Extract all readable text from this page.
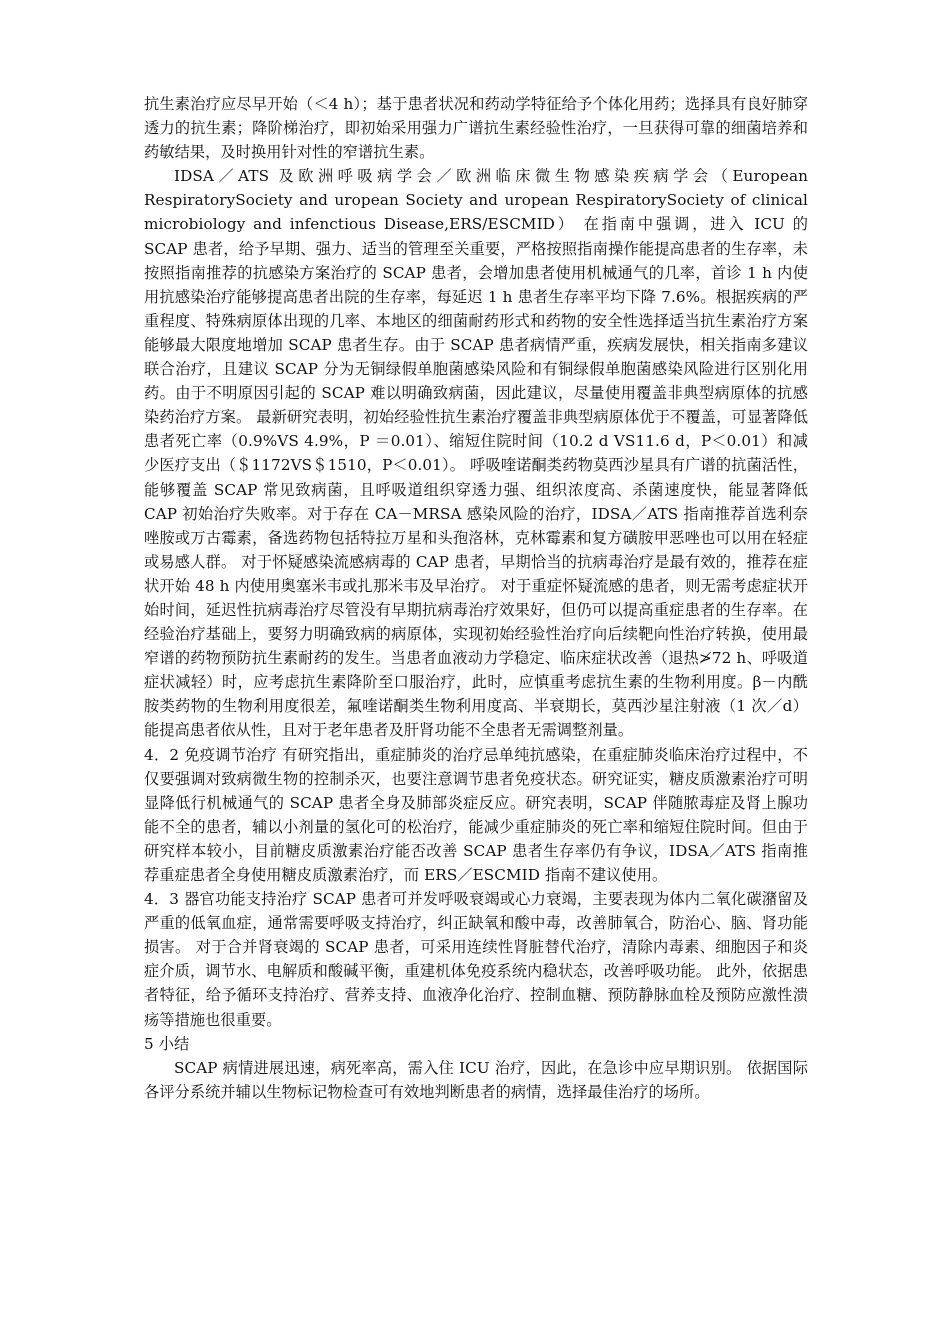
抗生素治疗应尽早开始（＜4 h）；基于患者状况和药动学特征给予个体化用药；选择具有良好肺穿透力的抗生素；降阶梯治疗，即初始采用强力广谱抗生素经验性治疗，一旦获得可靠的细菌培养和药敏结果，及时换用针对性的窄谱抗生素。

IDSA／ATS 及欧洲呼吸病学会／欧洲临床微生物感染疾病学会（European RespiratorySociety and uropean Society and uropean RespiratorySociety of clinical microbiology and infenctious Disease,ERS/ESCMID） 在指南中强调，进入 ICU 的 SCAP 患者，给予早期、强力、适当的管理至关重要，严格按照指南操作能提高患者的生存率，未按照指南推荐的抗感染方案治疗的 SCAP 患者，会增加患者使用机械通气的几率，首诊 1 h 内使用抗感染治疗能够提高患者出院的生存率，每延迟 1 h 患者生存率平均下降 7.6%。根据疾病的严重程度、特殊病原体出现的几率、本地区的细菌耐药形式和药物的安全性选择适当抗生素治疗方案能够最大限度地增加 SCAP 患者生存。由于 SCAP 患者病情严重，疾病发展快，相关指南多建议联合治疗，且建议 SCAP 分为无铜绿假单胞菌感染风险和有铜绿假单胞菌感染风险进行区别化用药。由于不明原因引起的 SCAP 难以明确致病菌，因此建议，尽量使用覆盖非典型病原体的抗感染药治疗方案。 最新研究表明，初始经验性抗生素治疗覆盖非典型病原体优于不覆盖，可显著降低患者死亡率（0.9%VS 4.9%，P ＝0.01）、缩短住院时间（10.2 d VS11.6 d，P＜0.01）和减少医疗支出（＄1172VS＄1510，P＜0.01）。 呼吸喹诺酮类药物莫西沙星具有广谱的抗菌活性，能够覆盖 SCAP 常见致病菌，且呼吸道组织穿透力强、组织浓度高、杀菌速度快，能显著降低 CAP 初始治疗失败率。对于存在 CA－MRSA 感染风险的治疗，IDSA／ATS 指南推荐首选利奈唑胺或万古霉素，备选药物包括特拉万星和头孢洛林，克林霉素和复方磺胺甲恶唑也可以用在轻症或易感人群。 对于怀疑感染流感病毒的 CAP 患者，早期恰当的抗病毒治疗是最有效的，推荐在症状开始 48 h 内使用奥塞米韦或扎那米韦及早治疗。 对于重症怀疑流感的患者，则无需考虑症状开始时间，延迟性抗病毒治疗尽管没有早期抗病毒治疗效果好，但仍可以提高重症患者的生存率。在经验治疗基础上，要努力明确致病的病原体，实现初始经验性治疗向后续靶向性治疗转换，使用最窄谱的药物预防抗生素耐药的发生。当患者血液动力学稳定、临床症状改善（退热≯72 h、呼吸道症状减轻）时，应考虑抗生素降阶至口服治疗，此时，应慎重考虑抗生素的生物利用度。β－内酰胺类药物的生物利用度很差，氟喹诺酮类生物利用度高、半衰期长，莫西沙星注射液（1 次／d）能提高患者依从性，且对于老年患者及肝肾功能不全患者无需调整剂量。

4．2 免疫调节治疗 有研究指出，重症肺炎的治疗忌单纯抗感染，在重症肺炎临床治疗过程中，不仅要强调对致病微生物的控制杀灭，也要注意调节患者免疫状态。研究证实，糖皮质激素治疗可明显降低行机械通气的 SCAP 患者全身及肺部炎症反应。研究表明，SCAP 伴随脓毒症及肾上腺功能不全的患者，辅以小剂量的氢化可的松治疗，能减少重症肺炎的死亡率和缩短住院时间。但由于研究样本较小，目前糖皮质激素治疗能否改善 SCAP 患者生存率仍有争议，IDSA／ATS 指南推荐重症患者全身使用糖皮质激素治疗，而 ERS／ESCMID 指南不建议使用。

4．3 器官功能支持治疗 SCAP 患者可并发呼吸衰竭或心力衰竭，主要表现为体内二氧化碳潴留及严重的低氧血症，通常需要呼吸支持治疗，纠正缺氧和酸中毒，改善肺氧合，防治心、脑、肾功能损害。 对于合并肾衰竭的 SCAP 患者，可采用连续性肾脏替代治疗，清除内毒素、细胞因子和炎症介质，调节水、电解质和酸碱平衡，重建机体免疫系统内稳状态，改善呼吸功能。 此外，依据患者特征，给予循环支持治疗、营养支持、血液净化治疗、控制血糖、预防静脉血栓及预防应激性溃疡等措施也很重要。

5 小结

SCAP 病情进展迅速，病死率高，需入住 ICU 治疗，因此，在急诊中应早期识别。 依据国际各评分系统并辅以生物标记物检查可有效地判断患者的病情，选择最佳治疗的场所。
